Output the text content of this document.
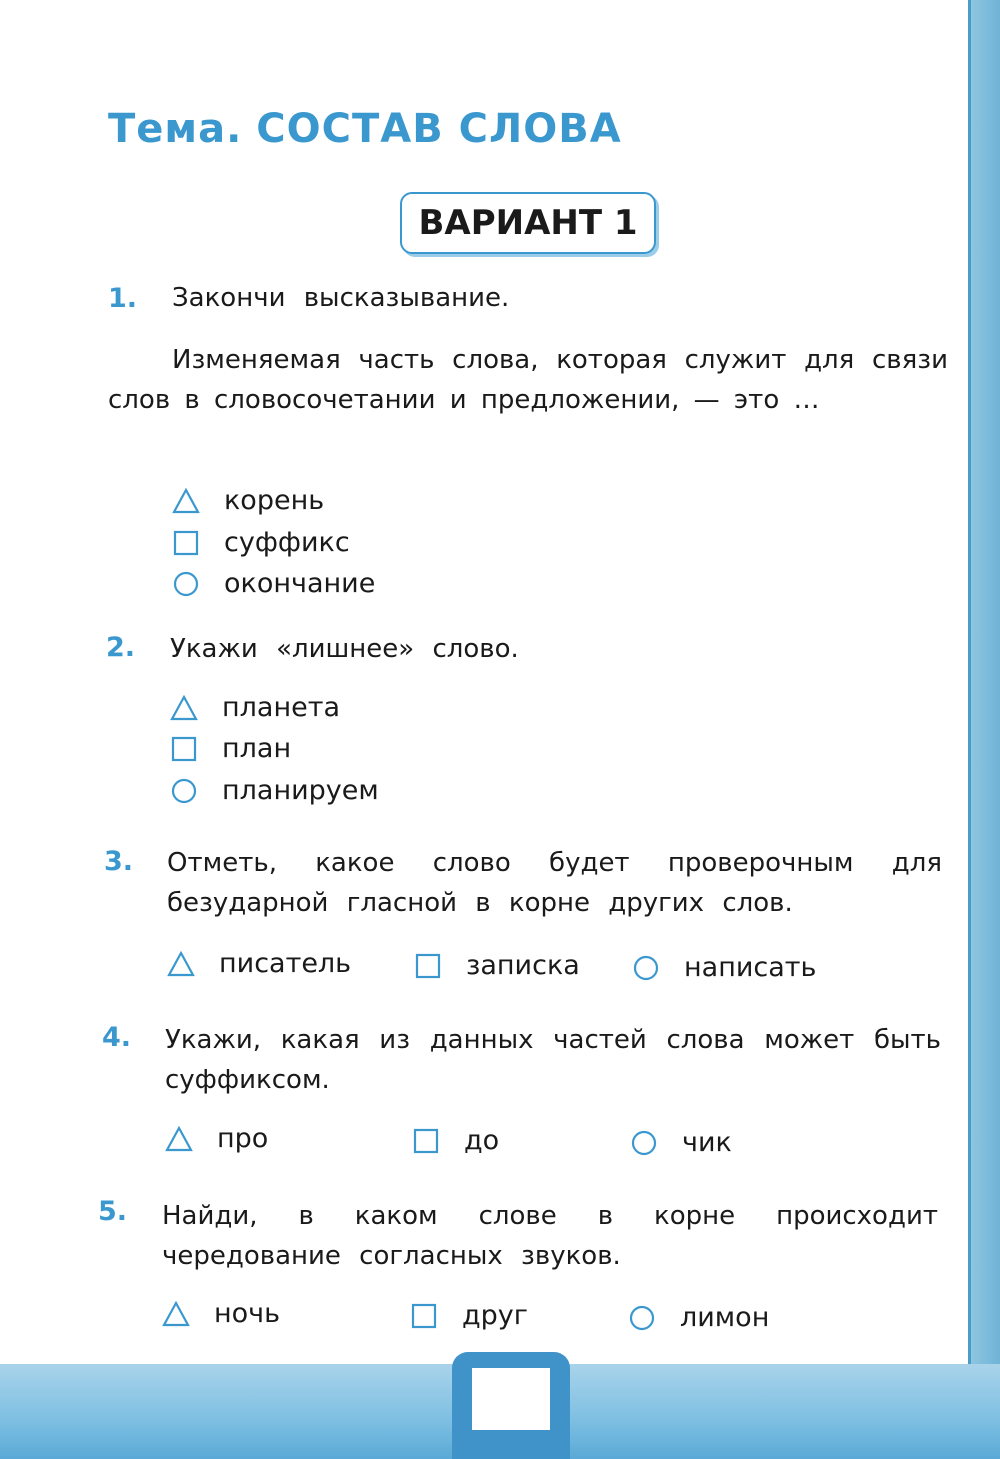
Тема. СОСТАВ СЛОВА
ВАРИАНТ 1
1. Закончи высказывание.

Изменяемая часть слова, которая служит для связи слов в словосочетании и предложении, — это …

корень
суффикс
окончание
2. Укажи «лишнее» слово.

планета
план
планируем
3. Отметь, какое слово будет проверочным для безударной гласной в корне других слов.

писатель	записка	написать
4. Укажи, какая из данных частей слова может быть суффиксом.

про	до	чик
5. Найди, в каком слове в корне происходит чередование согласных звуков.

ночь	друг	лимон
